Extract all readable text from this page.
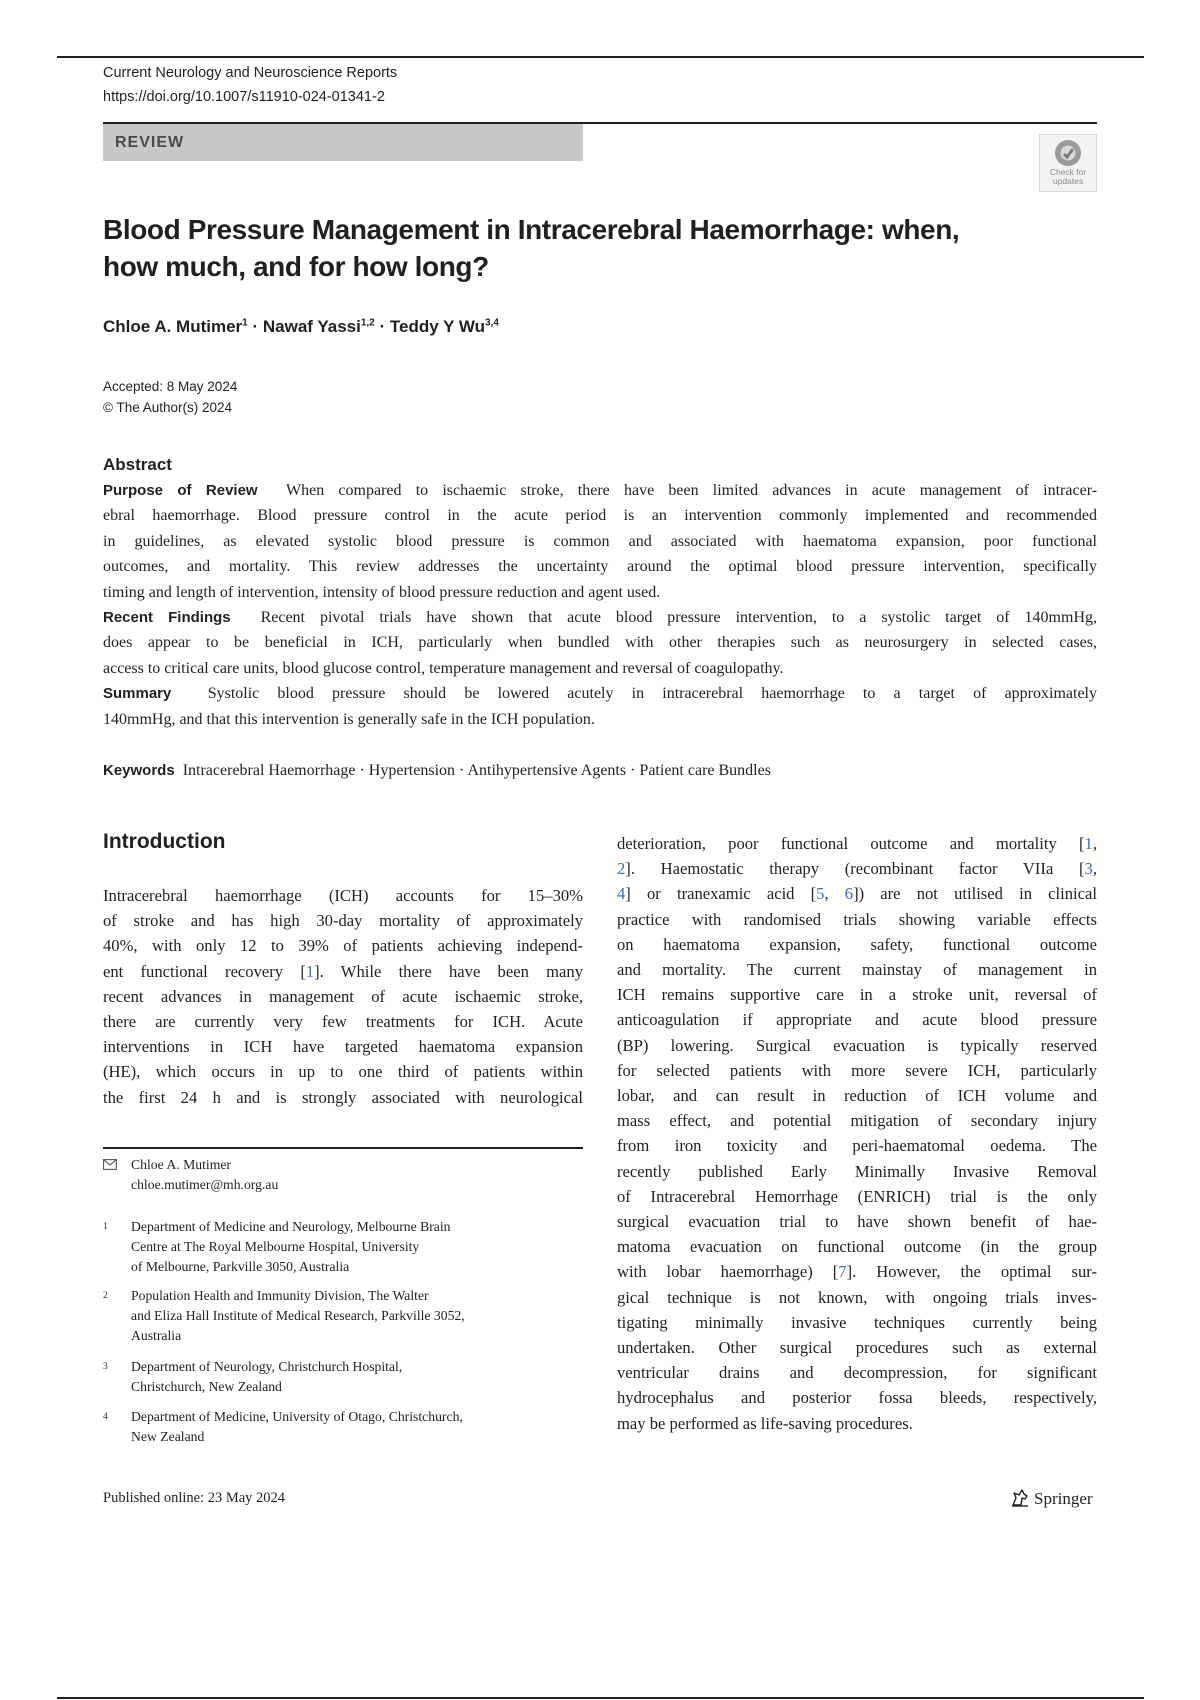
Current Neurology and Neuroscience Reports
https://doi.org/10.1007/s11910-024-01341-2
REVIEW
Check for
updates
Blood Pressure Management in Intracerebral Haemorrhage: when,
how much, and for how long?
Chloe A. Mutimer$^1$ · Nawaf Yassi$^{1,2}$ · Teddy Y Wu$^{3,4}$
Accepted: 8 May 2024
© The Author(s) 2024
Abstract
Purpose of Review When compared to ischaemic stroke, there have been limited advances in acute management of intracer-
ebral haemorrhage. Blood pressure control in the acute period is an intervention commonly implemented and recommended
in guidelines, as elevated systolic blood pressure is common and associated with haematoma expansion, poor functional
outcomes, and mortality. This review addresses the uncertainty around the optimal blood pressure intervention, specifically
timing and length of intervention, intensity of blood pressure reduction and agent used.
Recent Findings Recent pivotal trials have shown that acute blood pressure intervention, to a systolic target of 140mmHg,
does appear to be beneficial in ICH, particularly when bundled with other therapies such as neurosurgery in selected cases,
access to critical care units, blood glucose control, temperature management and reversal of coagulopathy.
Summary Systolic blood pressure should be lowered acutely in intracerebral haemorrhage to a target of approximately
140mmHg, and that this intervention is generally safe in the ICH population.
Keywords Intracerebral Haemorrhage · Hypertension · Antihypertensive Agents · Patient care Bundles
Introduction
Intracerebral haemorrhage (ICH) accounts for 15–30%
of stroke and has high 30-day mortality of approximately
40%, with only 12 to 39% of patients achieving independ-
ent functional recovery [1]. While there have been many
recent advances in management of acute ischaemic stroke,
there are currently very few treatments for ICH. Acute
interventions in ICH have targeted haematoma expansion
(HE), which occurs in up to one third of patients within
the first 24 h and is strongly associated with neurological
deterioration, poor functional outcome and mortality [1,
2]. Haemostatic therapy (recombinant factor VIIa [3,
4] or tranexamic acid [5, 6]) are not utilised in clinical
practice with randomised trials showing variable effects
on haematoma expansion, safety, functional outcome
and mortality. The current mainstay of management in
ICH remains supportive care in a stroke unit, reversal of
anticoagulation if appropriate and acute blood pressure
(BP) lowering. Surgical evacuation is typically reserved
for selected patients with more severe ICH, particularly
lobar, and can result in reduction of ICH volume and
mass effect, and potential mitigation of secondary injury
from iron toxicity and peri-haematomal oedema. The
recently published Early Minimally Invasive Removal
of Intracerebral Hemorrhage (ENRICH) trial is the only
surgical evacuation trial to have shown benefit of hae-
matoma evacuation on functional outcome (in the group
with lobar haemorrhage) [7]. However, the optimal sur-
gical technique is not known, with ongoing trials inves-
tigating minimally invasive techniques currently being
undertaken. Other surgical procedures such as external
ventricular drains and decompression, for significant
hydrocephalus and posterior fossa bleeds, respectively,
may be performed as life-saving procedures.
Chloe A. Mutimer
chloe.mutimer@mh.org.au
1 Department of Medicine and Neurology, Melbourne Brain
Centre at The Royal Melbourne Hospital, University
of Melbourne, Parkville 3050, Australia
2 Population Health and Immunity Division, The Walter
and Eliza Hall Institute of Medical Research, Parkville 3052,
Australia
3 Department of Neurology, Christchurch Hospital,
Christchurch, New Zealand
4 Department of Medicine, University of Otago, Christchurch,
New Zealand
Published online: 23 May 2024	Springer
